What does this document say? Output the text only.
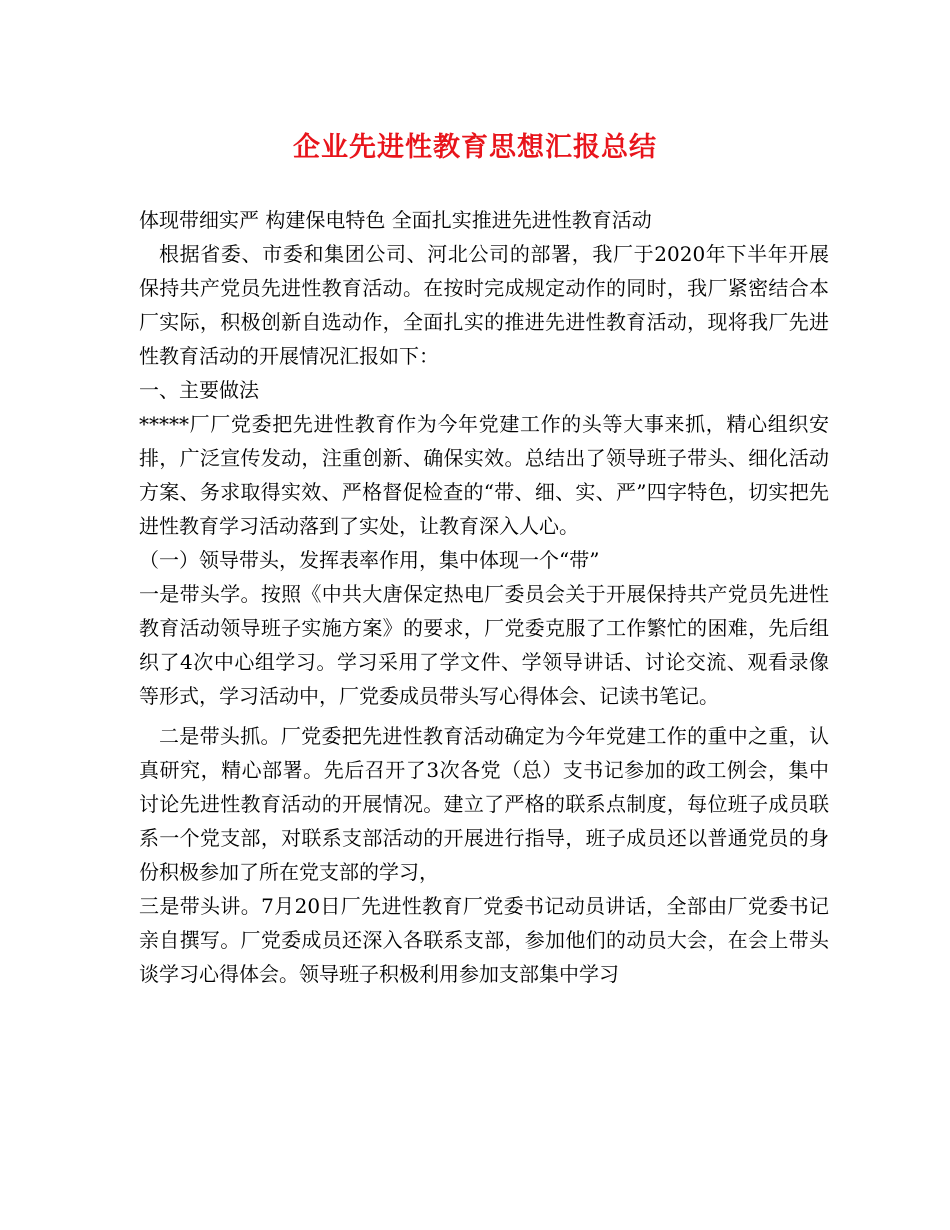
企业先进性教育思想汇报总结

体现带细实严 构建保电特色 全面扎实推进先进性教育活动

根据省委、市委和集团公司、河北公司的部署，我厂于2020年下半年开展保持共产党员先进性教育活动。在按时完成规定动作的同时，我厂紧密结合本厂实际，积极创新自选动作，全面扎实的推进先进性教育活动，现将我厂先进性教育活动的开展情况汇报如下：

一、主要做法

*****厂厂党委把先进性教育作为今年党建工作的头等大事来抓，精心组织安排，广泛宣传发动，注重创新、确保实效。总结出了领导班子带头、细化活动方案、务求取得实效、严格督促检查的“带、细、实、严”四字特色，切实把先进性教育学习活动落到了实处，让教育深入人心。

（一）领导带头，发挥表率作用，集中体现一个“带”

一是带头学。按照《中共大唐保定热电厂委员会关于开展保持共产党员先进性教育活动领导班子实施方案》的要求，厂党委克服了工作繁忙的困难，先后组织了4次中心组学习。学习采用了学文件、学领导讲话、讨论交流、观看录像等形式，学习活动中，厂党委成员带头写心得体会、记读书笔记。

二是带头抓。厂党委把先进性教育活动确定为今年党建工作的重中之重，认真研究，精心部署。先后召开了3次各党（总）支书记参加的政工例会，集中讨论先进性教育活动的开展情况。建立了严格的联系点制度，每位班子成员联系一个党支部，对联系支部活动的开展进行指导，班子成员还以普通党员的身份积极参加了所在党支部的学习，

三是带头讲。7月20日厂先进性教育厂党委书记动员讲话，全部由厂党委书记亲自撰写。厂党委成员还深入各联系支部，参加他们的动员大会，在会上带头谈学习心得体会。领导班子积极利用参加支部集中学习
